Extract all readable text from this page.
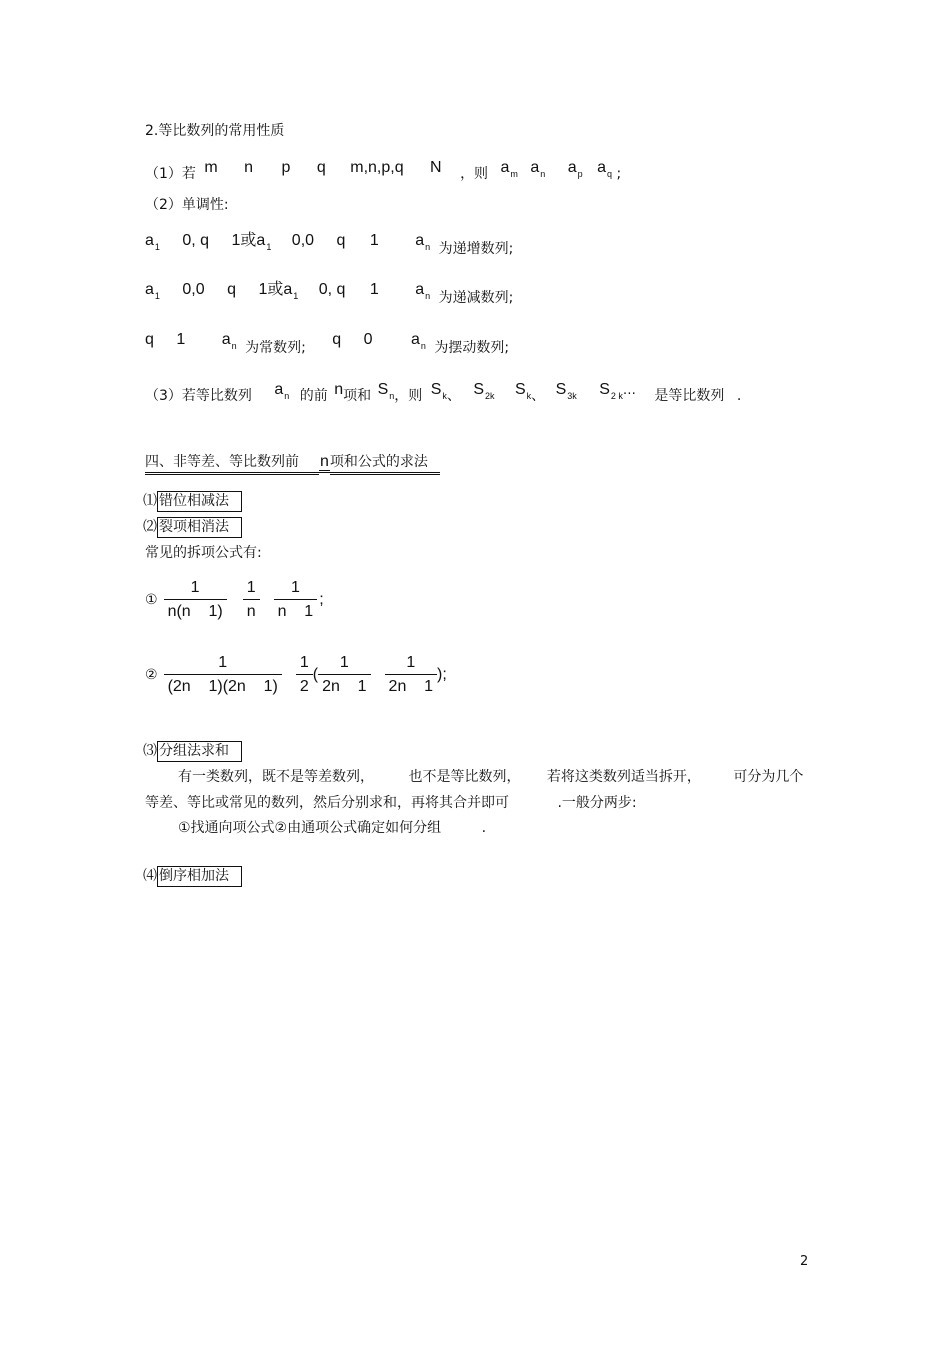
2.等比数列的常用性质
（1）若 m n p q m,n,p,q N ，则 $a_m$ $a_n$ $a_p$ $a_q$ ;
（2）单调性:
$a_1$ 0, q 1或$a_1$ 0,0 q 1 $a_n$ 为递增数列;
$a_1$ 0,0 q 1或$a_1$ 0, q 1 $a_n$ 为递减数列;
q 1 $a_n$ 为常数列; q 0 $a_n$ 为摆动数列;
（3）若等比数列 $a_n$ 的前 n项和 $S_n$，则 $S_k$、 $S_{2k}$ $S_k$、 $S_{3k}$ $S_{2 k}\dots$ 是等比数列 .
四、非等差、等比数列前 n项和公式的求法
⑴ 错位相减法
⑵ 裂项相消法
常见的拆项公式有:
① $\frac{1}{n(n 1)} \frac{1}{n} \frac{1}{n 1}$ ;
② $\frac{1}{(2n 1)(2n 1)} \frac{1}{2}$ ( $\frac{1}{2n 1} \frac{1}{2n 1}$ );
⑶ 分组法求和
有一类数列，既不是等差数列， 也不是等比数列， 若将这类数列适当拆开， 可分为几个
等差、等比或常见的数列，然后分别求和，再将其合并即可	.一般分两步:
①找通向项公式②由通项公式确定如何分组	.
⑷ 倒序相加法
2
